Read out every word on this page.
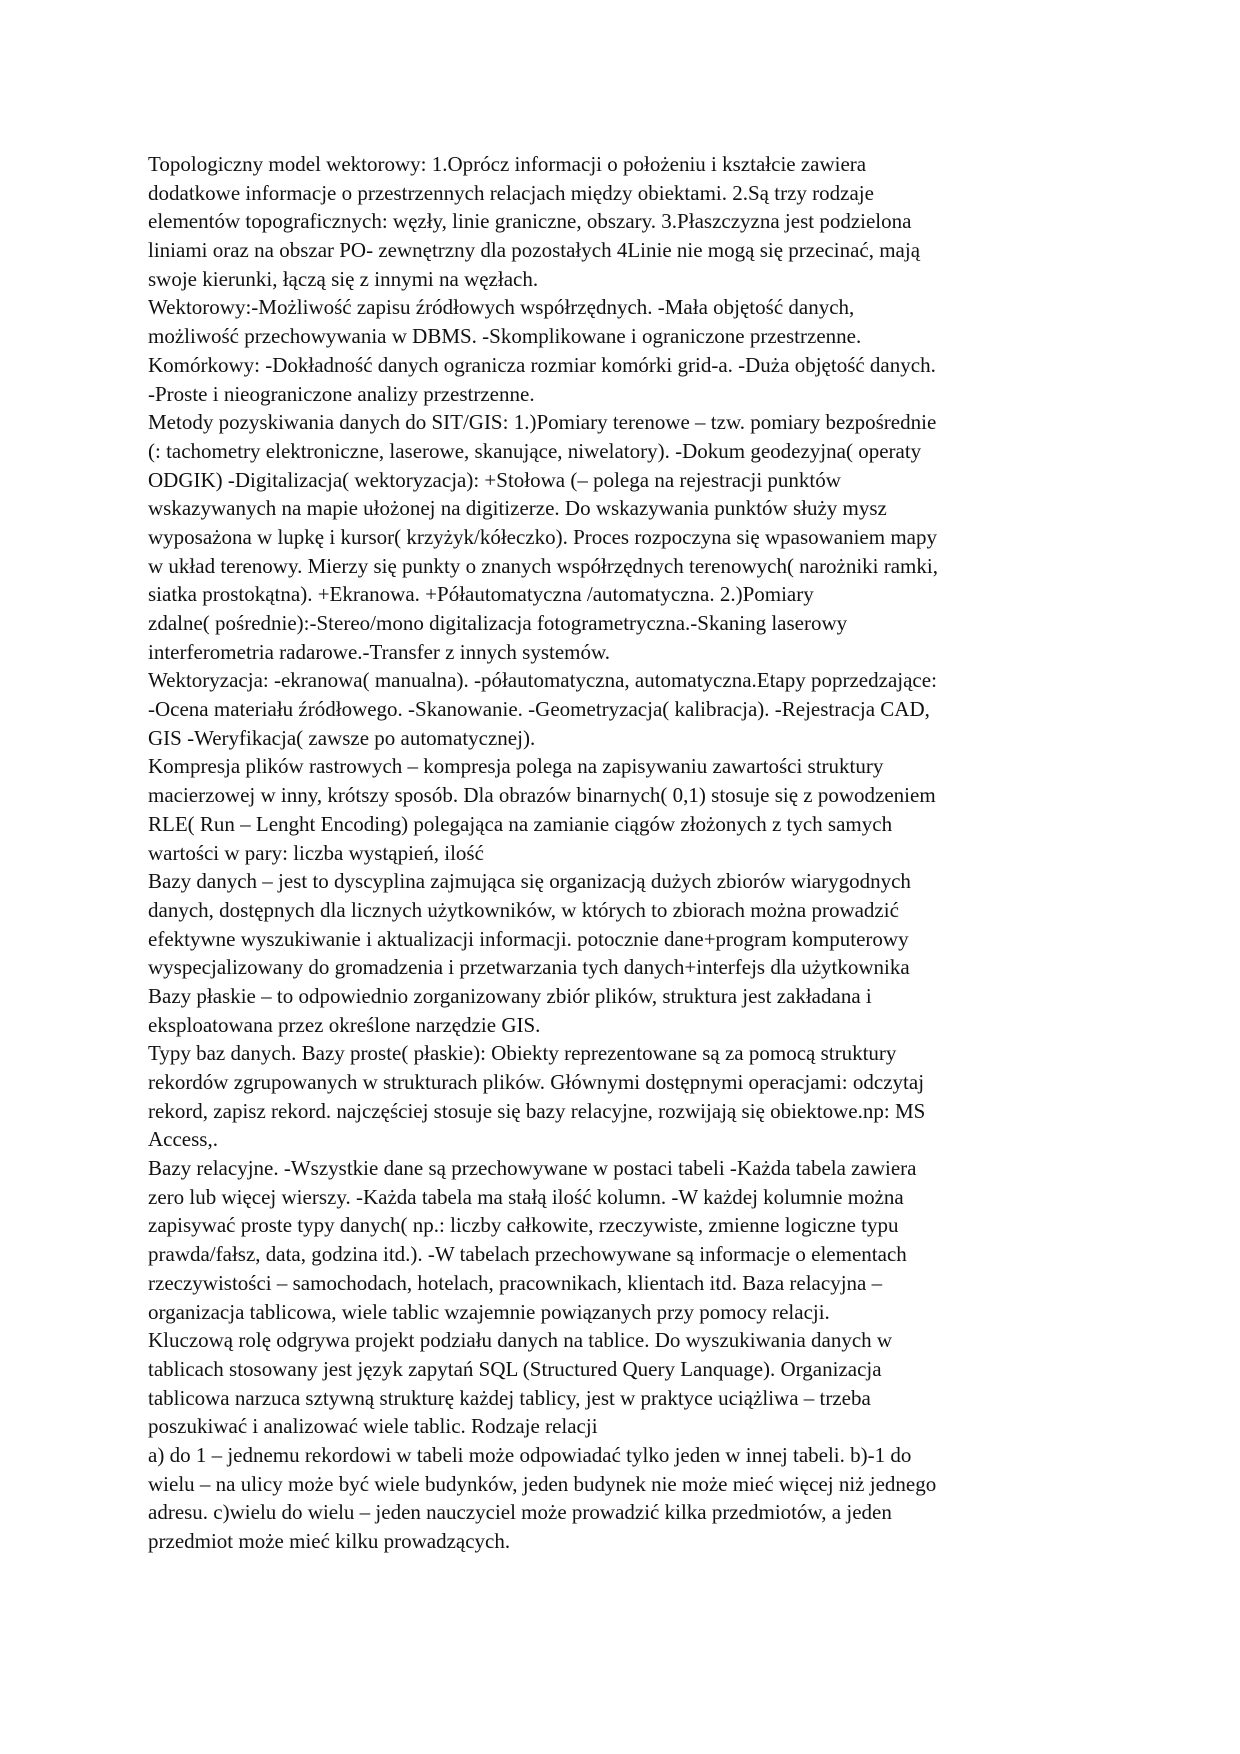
Topologiczny model wektorowy: 1.Oprócz informacji o położeniu i kształcie zawiera
dodatkowe informacje o przestrzennych relacjach między obiektami. 2.Są trzy rodzaje
elementów topograficznych: węzły, linie graniczne, obszary. 3.Płaszczyzna jest podzielona
liniami oraz na obszar PO- zewnętrzny dla pozostałych 4Linie nie mogą się przecinać, mają
swoje kierunki, łączą się z innymi na węzłach.
Wektorowy:-Możliwość zapisu źródłowych współrzędnych. -Mała objętość danych,
możliwość przechowywania w DBMS. -Skomplikowane i ograniczone przestrzenne.
Komórkowy: -Dokładność danych ogranicza rozmiar komórki grid-a. -Duża objętość danych.
-Proste i nieograniczone analizy przestrzenne.
Metody pozyskiwania danych do SIT/GIS: 1.)Pomiary terenowe – tzw. pomiary bezpośrednie
(: tachometry elektroniczne, laserowe, skanujące, niwelatory). -Dokum geodezyjna( operaty
ODGIK) -Digitalizacja( wektoryzacja): +Stołowa (– polega na rejestracji punktów
wskazywanych na mapie ułożonej na digitizerze. Do wskazywania punktów służy mysz
wyposażona w lupkę i kursor( krzyżyk/kółeczko). Proces rozpoczyna się wpasowaniem mapy
w układ terenowy. Mierzy się punkty o znanych współrzędnych terenowych( narożniki ramki,
siatka prostokątna). +Ekranowa. +Półautomatyczna /automatyczna. 2.)Pomiary
zdalne( pośrednie):-Stereo/mono digitalizacja fotogrametryczna.-Skaning laserowy
interferometria radarowe.-Transfer z innych systemów.
Wektoryzacja: -ekranowa( manualna). -półautomatyczna, automatyczna.Etapy poprzedzające:
-Ocena materiału źródłowego. -Skanowanie. -Geometryzacja( kalibracja). -Rejestracja CAD,
GIS -Weryfikacja( zawsze po automatycznej).
Kompresja plików rastrowych – kompresja polega na zapisywaniu zawartości struktury
macierzowej w inny, krótszy sposób. Dla obrazów binarnych( 0,1) stosuje się z powodzeniem
RLE( Run – Lenght Encoding) polegająca na zamianie ciągów złożonych z tych samych
wartości w pary: liczba wystąpień, ilość
Bazy danych – jest to dyscyplina zajmująca się organizacją dużych zbiorów wiarygodnych
danych, dostępnych dla licznych użytkowników, w których to zbiorach można prowadzić
efektywne wyszukiwanie i aktualizacji informacji. potocznie dane+program komputerowy
wyspecjalizowany do gromadzenia i przetwarzania tych danych+interfejs dla użytkownika
Bazy płaskie – to odpowiednio zorganizowany zbiór plików, struktura jest zakładana i
eksploatowana przez określone narzędzie GIS.
Typy baz danych. Bazy proste( płaskie): Obiekty reprezentowane są za pomocą struktury
rekordów zgrupowanych w strukturach plików. Głównymi dostępnymi operacjami: odczytaj
rekord, zapisz rekord. najczęściej stosuje się bazy relacyjne, rozwijają się obiektowe.np: MS
Access,.
Bazy relacyjne. -Wszystkie dane są przechowywane w postaci tabeli -Każda tabela zawiera
zero lub więcej wierszy. -Każda tabela ma stałą ilość kolumn. -W każdej kolumnie można
zapisywać proste typy danych( np.: liczby całkowite, rzeczywiste, zmienne logiczne typu
prawda/fałsz, data, godzina itd.). -W tabelach przechowywane są informacje o elementach
rzeczywistości – samochodach, hotelach, pracownikach, klientach itd. Baza relacyjna –
organizacja tablicowa, wiele tablic wzajemnie powiązanych przy pomocy relacji.
Kluczową rolę odgrywa projekt podziału danych na tablice. Do wyszukiwania danych w
tablicach stosowany jest język zapytań SQL (Structured Query Lanquage). Organizacja
tablicowa narzuca sztywną strukturę każdej tablicy, jest w praktyce uciążliwa – trzeba
poszukiwać i analizować wiele tablic. Rodzaje relacji
a) do 1 – jednemu rekordowi w tabeli może odpowiadać tylko jeden w innej tabeli. b)-1 do
wielu – na ulicy może być wiele budynków, jeden budynek nie może mieć więcej niż jednego
adresu. c)wielu do wielu – jeden nauczyciel może prowadzić kilka przedmiotów, a jeden
przedmiot może mieć kilku prowadzących.
